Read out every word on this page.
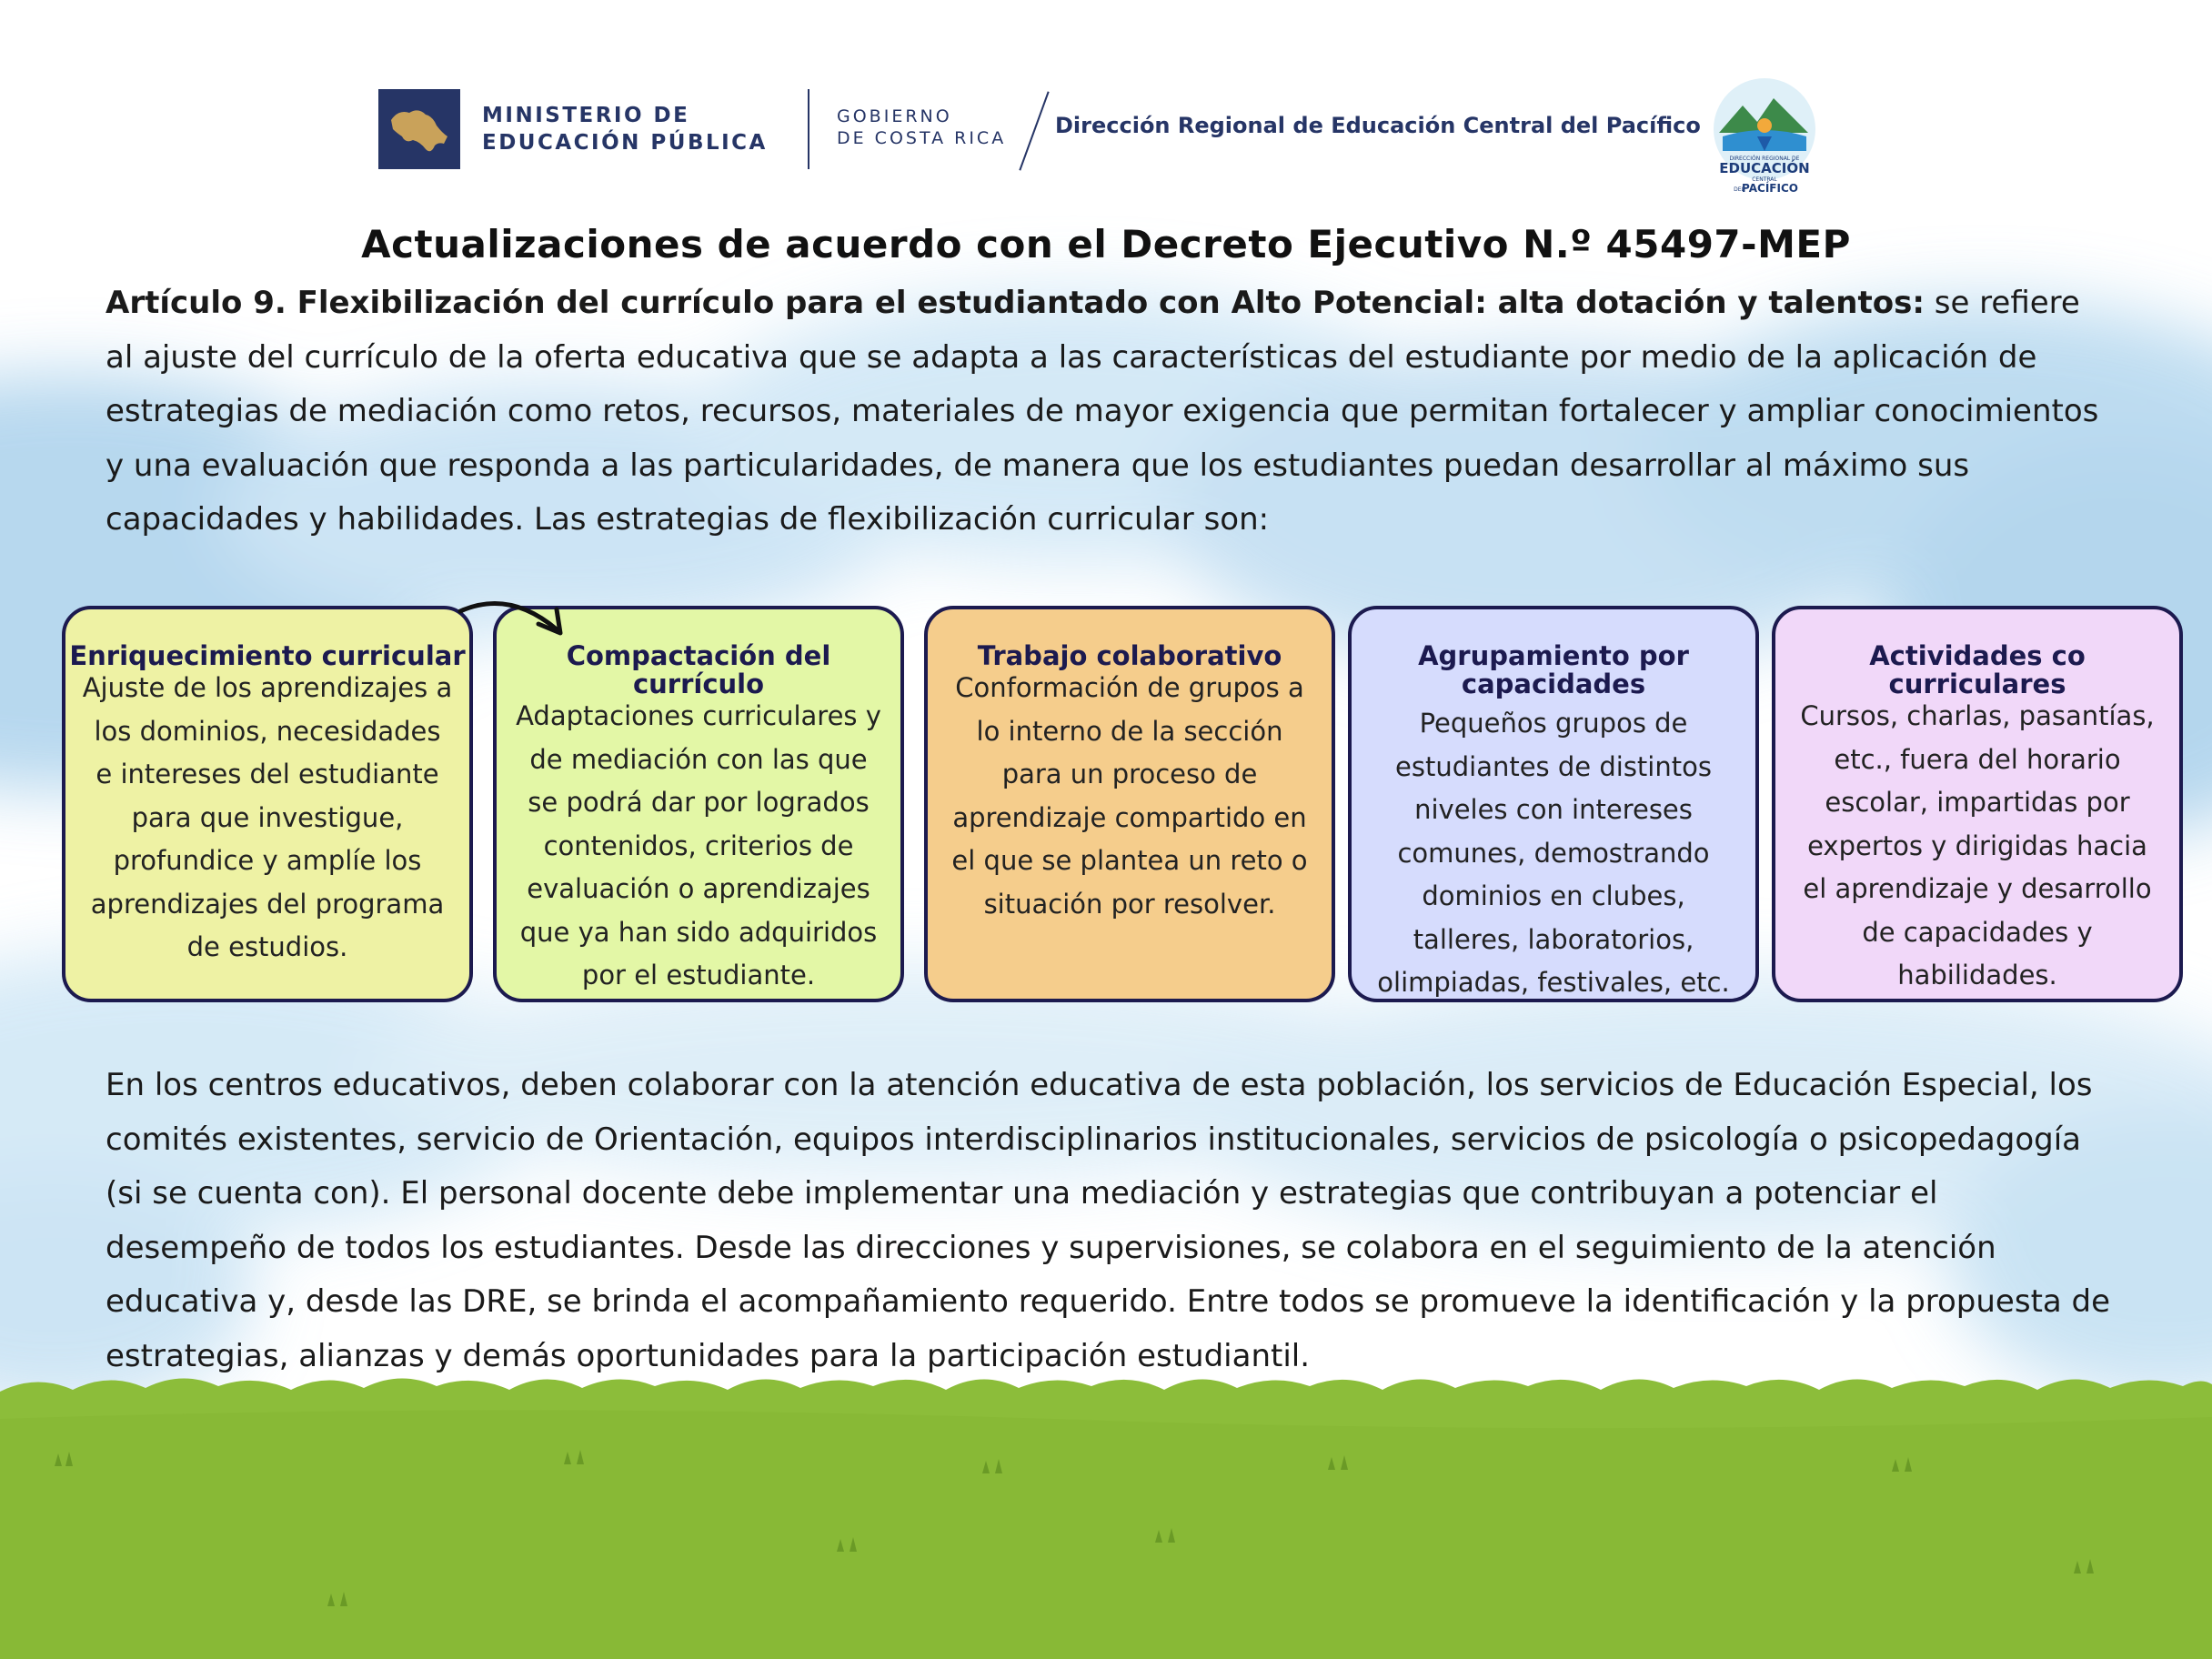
MINISTERIO DE
EDUCACIÓN PÚBLICA
GOBIERNO
DE COSTA RICA Dirección Regional de Educación Central del Pacífico
DIRECCIÓN REGIONAL DE
EDUCACIÓN
CENTRAL
DEL
PACÍFICO
Actualizaciones de acuerdo con el Decreto Ejecutivo N.º 45497-MEP
Artículo 9. Flexibilización del currículo para el estudiantado con Alto Potencial: alta dotación y talentos: se refiere al ajuste del currículo de la oferta educativa que se adapta a las características del estudiante por medio de la aplicación de estrategias de mediación como retos, recursos, materiales de mayor exigencia que permitan fortalecer y ampliar conocimientos y una evaluación que responda a las particularidades, de manera que los estudiantes puedan desarrollar al máximo sus capacidades y habilidades. Las estrategias de flexibilización curricular son:
Enriquecimiento curricular

Ajuste de los aprendizajes a los dominios, necesidades e intereses del estudiante para que investigue, profundice y amplíe los aprendizajes del programa de estudios.

Compactación del currículo

Adaptaciones curriculares y de mediación con las que se podrá dar por logrados contenidos, criterios de evaluación o aprendizajes que ya han sido adquiridos por el estudiante.

Trabajo colaborativo

Conformación de grupos a lo interno de la sección para un proceso de aprendizaje compartido en el que se plantea un reto o situación por resolver.

Agrupamiento por capacidades

Pequeños grupos de estudiantes de distintos niveles con intereses comunes, demostrando dominios en clubes, talleres, laboratorios, olimpiadas, festivales, etc.

Actividades co curriculares

Cursos, charlas, pasantías, etc., fuera del horario escolar, impartidas por expertos y dirigidas hacia el aprendizaje y desarrollo de capacidades y habilidades.

En los centros educativos, deben colaborar con la atención educativa de esta población, los servicios de Educación Especial, los comités existentes, servicio de Orientación, equipos interdisciplinarios institucionales, servicios de psicología o psicopedagogía (si se cuenta con). El personal docente debe implementar una mediación y estrategias que contribuyan a potenciar el desempeño de todos los estudiantes. Desde las direcciones y supervisiones, se colabora en el seguimiento de la atención educativa y, desde las DRE, se brinda el acompañamiento requerido. Entre todos se promueve la identificación y la propuesta de estrategias, alianzas y demás oportunidades para la participación estudiantil.
